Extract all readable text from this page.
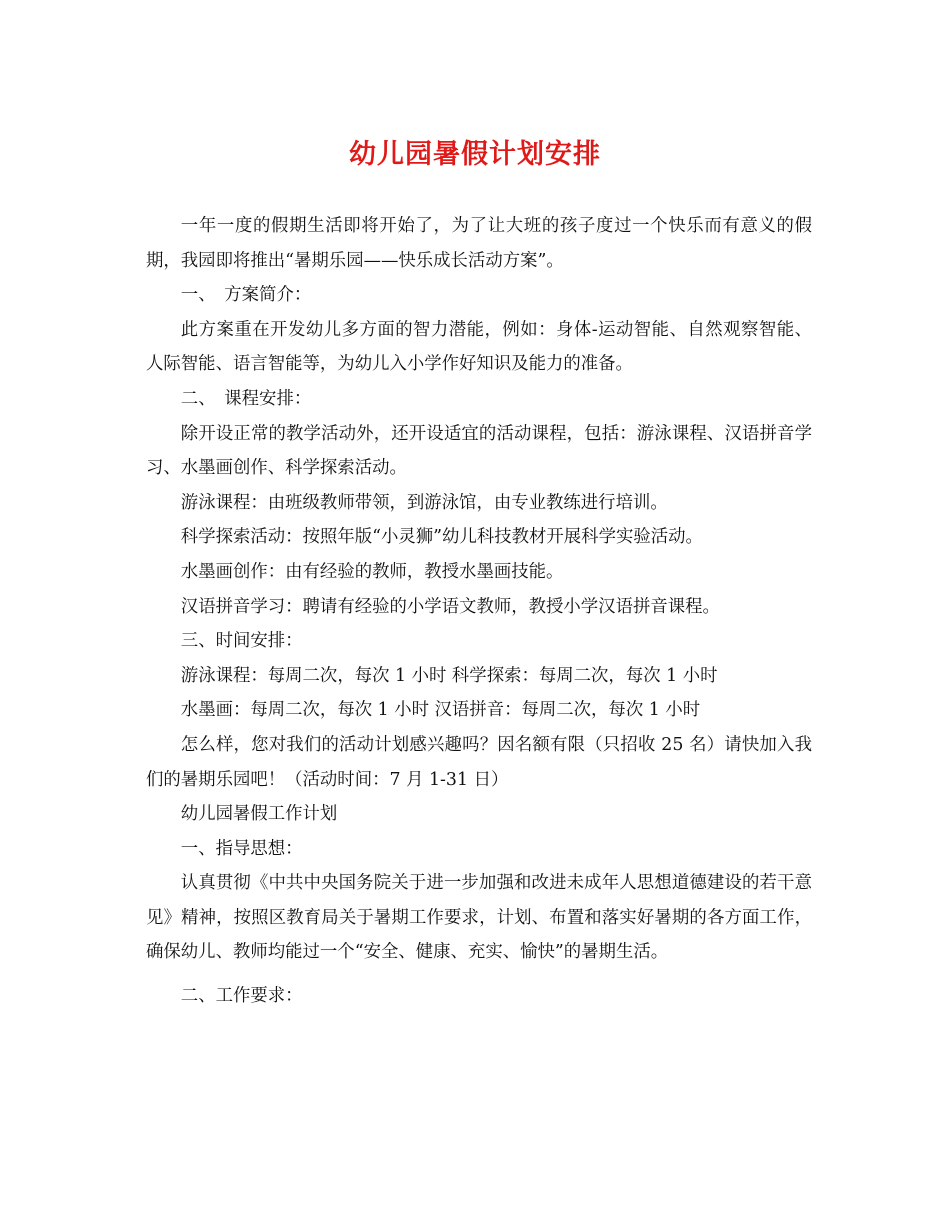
幼儿园暑假计划安排

一年一度的假期生活即将开始了，为了让大班的孩子度过一个快乐而有意义的假期，我园即将推出“暑期乐园——快乐成长活动方案”。

一、　方案简介：

此方案重在开发幼儿多方面的智力潜能，例如：身体-运动智能、自然观察智能、人际智能、语言智能等，为幼儿入小学作好知识及能力的准备。

二、　课程安排：

除开设正常的教学活动外，还开设适宜的活动课程，包括：游泳课程、汉语拼音学习、水墨画创作、科学探索活动。

游泳课程：由班级教师带领，到游泳馆，由专业教练进行培训。

科学探索活动：按照年版“小灵狮”幼儿科技教材开展科学实验活动。

水墨画创作：由有经验的教师，教授水墨画技能。

汉语拼音学习：聘请有经验的小学语文教师，教授小学汉语拼音课程。

三、时间安排：

游泳课程：每周二次，每次 1 小时 科学探索：每周二次，每次 1 小时

水墨画：每周二次，每次 1 小时 汉语拼音：每周二次，每次 1 小时

怎么样，您对我们的活动计划感兴趣吗？因名额有限（只招收 25 名）请快加入我们的暑期乐园吧！（活动时间：7 月 1-31 日）

幼儿园暑假工作计划

一、指导思想：

认真贯彻《中共中央国务院关于进一步加强和改进未成年人思想道德建设的若干意见》精神，按照区教育局关于暑期工作要求，计划、布置和落实好暑期的各方面工作，确保幼儿、教师均能过一个“安全、健康、充实、愉快”的暑期生活。

二、工作要求：
